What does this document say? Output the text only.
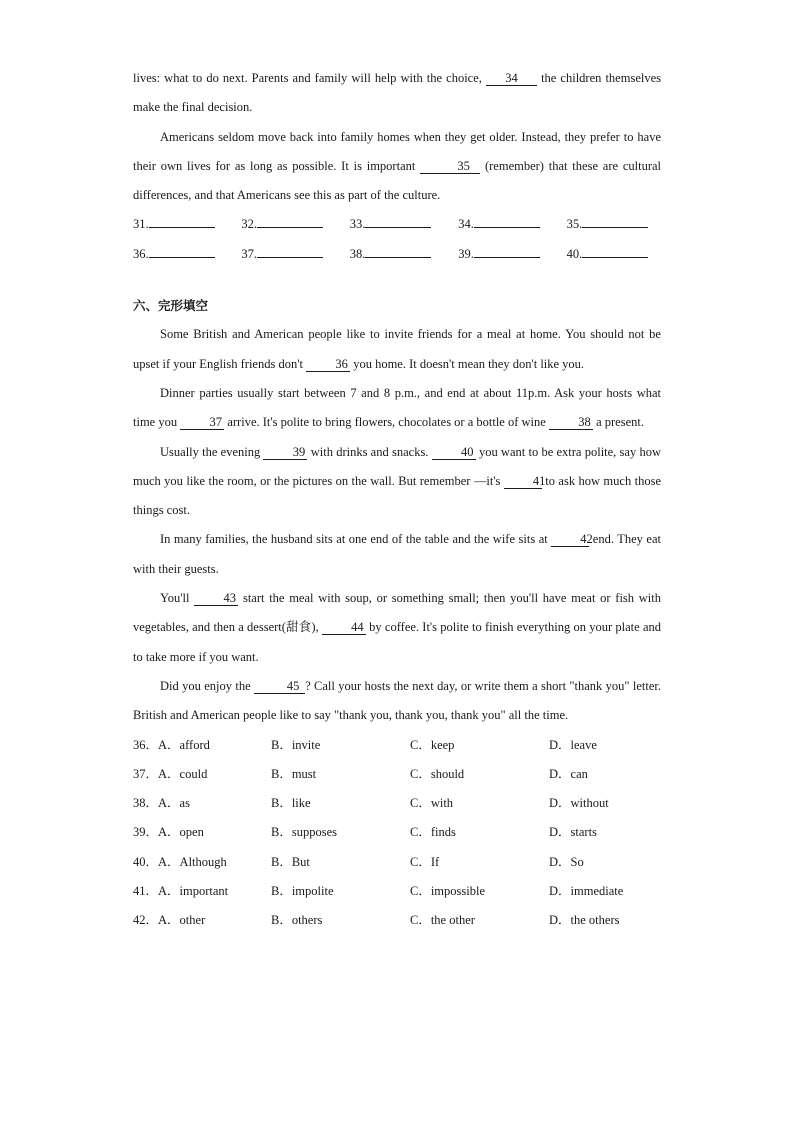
lives: what to do next. Parents and family will help with the choice, 34 the children themselves make the final decision.

Americans seldom move back into family homes when they get older. Instead, they prefer to have their own lives for as long as possible. It is important	35 (remember) that these are cultural differences, and that Americans see this as part of the culture.

31.	32.	33.	34.	35.
36.	37.	38.	39.	40.
六、完形填空

Some British and American people like to invite friends for a meal at home. You should not be upset if your English friends don't	36 you home. It doesn't mean they don't like you.

Dinner parties usually start between 7 and 8 p.m., and end at about 11p.m. Ask your hosts what time you	37 arrive. It's polite to bring flowers, chocolates or a bottle of wine	38 a present.

Usually the evening	39 with drinks and snacks.	40 you want to be extra polite, say how much you like the room, or the pictures on the wall. But remember —it's	41 to ask how much those things cost.

In many families, the husband sits at one end of the table and the wife sits at	42 end. They eat with their guests.

You'll	43 start the meal with soup, or something small; then you'll have meat or fish with vegetables, and then a dessert(甜食),	44 by coffee. It's polite to finish everything on your plate and to take more if you want.

Did you enjoy the	45 ? Call your hosts the next day, or write them a short "thank you" letter. British and American people like to say "thank you, thank you, thank you" all the time.

36．A．afford	B．invite	C．keep	D．leave
37．A．could	B．must	C．should	D．can
38．A．as	B．like	C．with	D．without
39．A．open	B．supposes	C．finds	D．starts
40．A．Although	B．But	C．If	D．So
41．A．important	B．impolite	C．impossible	D．immediate
42．A．other	B．others	C．the other	D．the others
